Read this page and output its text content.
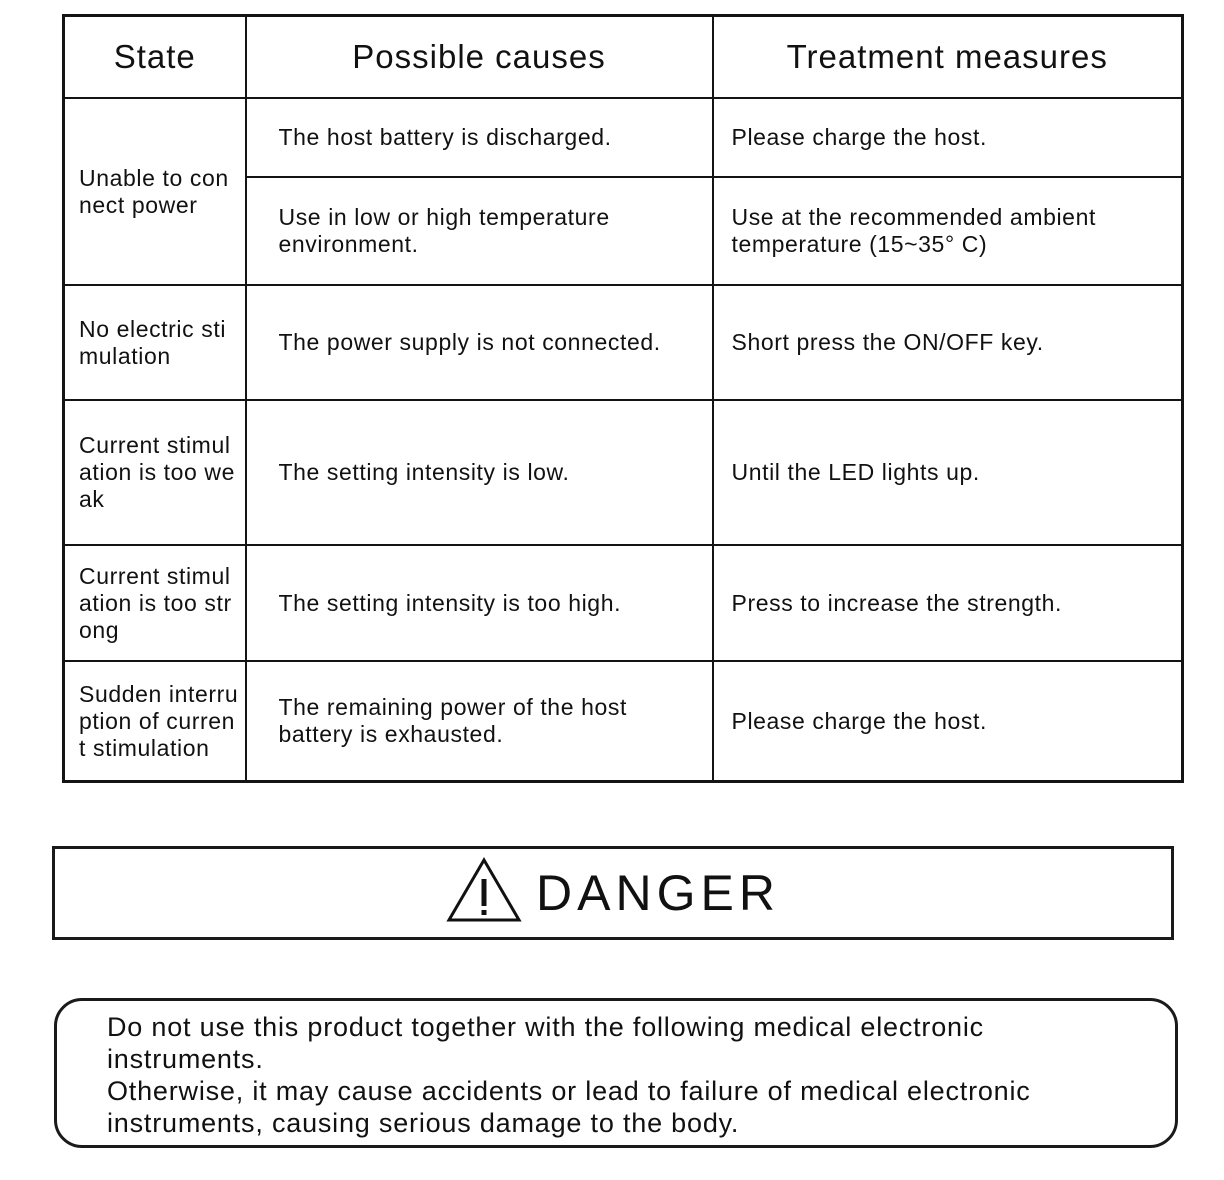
State	Possible causes	Treatment measures
Unable to connect power	The host battery is discharged.	Please charge the host.
	Use in low or high temperature environment.	Use at the recommended ambient temperature (15~35° C)
No electric stimulation	The power supply is not connected.	Short press the ON/OFF key.
Current stimulation is too weak	The setting intensity is low.	Until the LED lights up.
Current stimulation is too strong	The setting intensity is too high.	Press to increase the strength.
Sudden interruption of current stimulation	The remaining power of the host battery is exhausted.	Please charge the host.
DANGER

Do not use this product together with the following medical electronic instruments.

Otherwise, it may cause accidents or lead to failure of medical electronic instruments, causing serious damage to the body.
